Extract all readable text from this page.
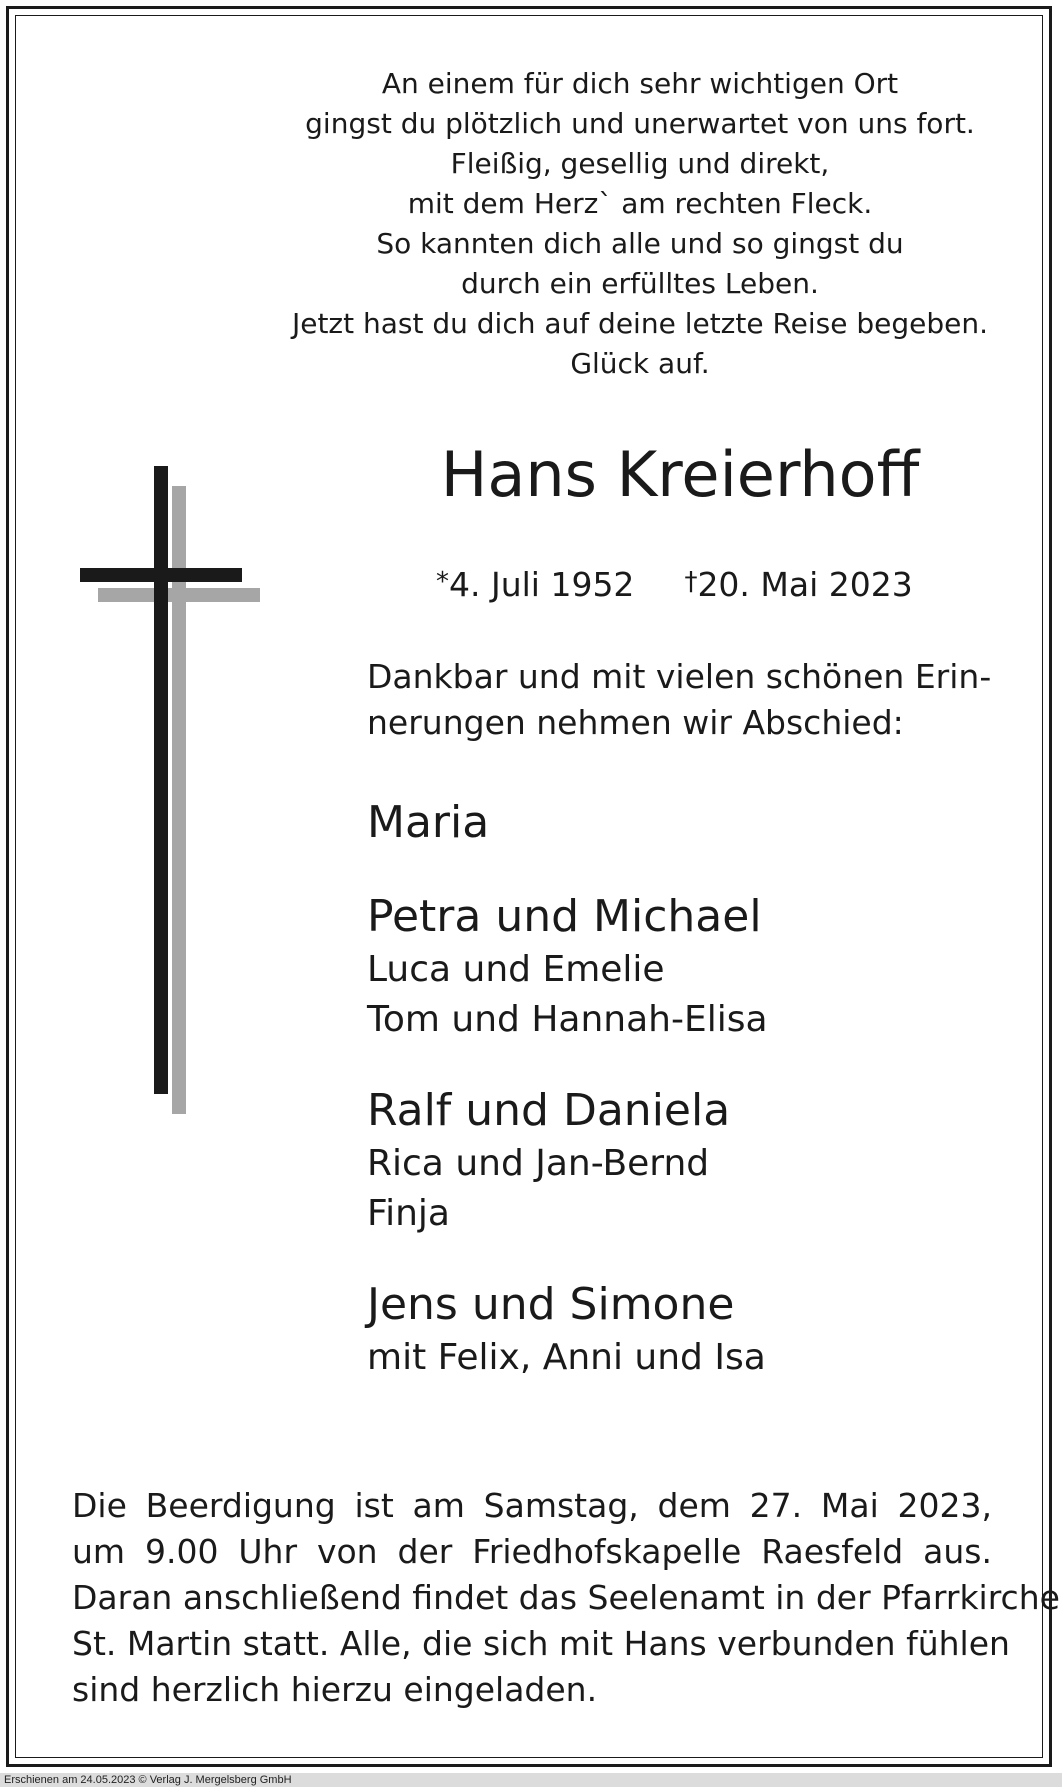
An einem für dich sehr wichtigen Ort
gingst du plötzlich und unerwartet von uns fort.
Fleißig, gesellig und direkt,
mit dem Herz` am rechten Fleck.
So kannten dich alle und so gingst du
durch ein erfülltes Leben.
Jetzt hast du dich auf deine letzte Reise begeben.
Glück auf.
Hans Kreierhoff
*4. Juli 1952 †20. Mai 2023
Dankbar und mit vielen schönen Erin-
nerungen nehmen wir Abschied:
Maria
Petra und Michael
Luca und Emelie
Tom und Hannah-Elisa
Ralf und Daniela
Rica und Jan-Bernd
Finja
Jens und Simone
mit Felix, Anni und Isa
Die Beerdigung ist am Samstag, dem 27. Mai 2023,
um 9.00 Uhr von der Friedhofskapelle Raesfeld aus.
Daran anschließend findet das Seelenamt in der Pfarrkirche
St. Martin statt. Alle, die sich mit Hans verbunden fühlen
sind herzlich hierzu eingeladen.
Erschienen am 24.05.2023 © Verlag J. Mergelsberg GmbH
